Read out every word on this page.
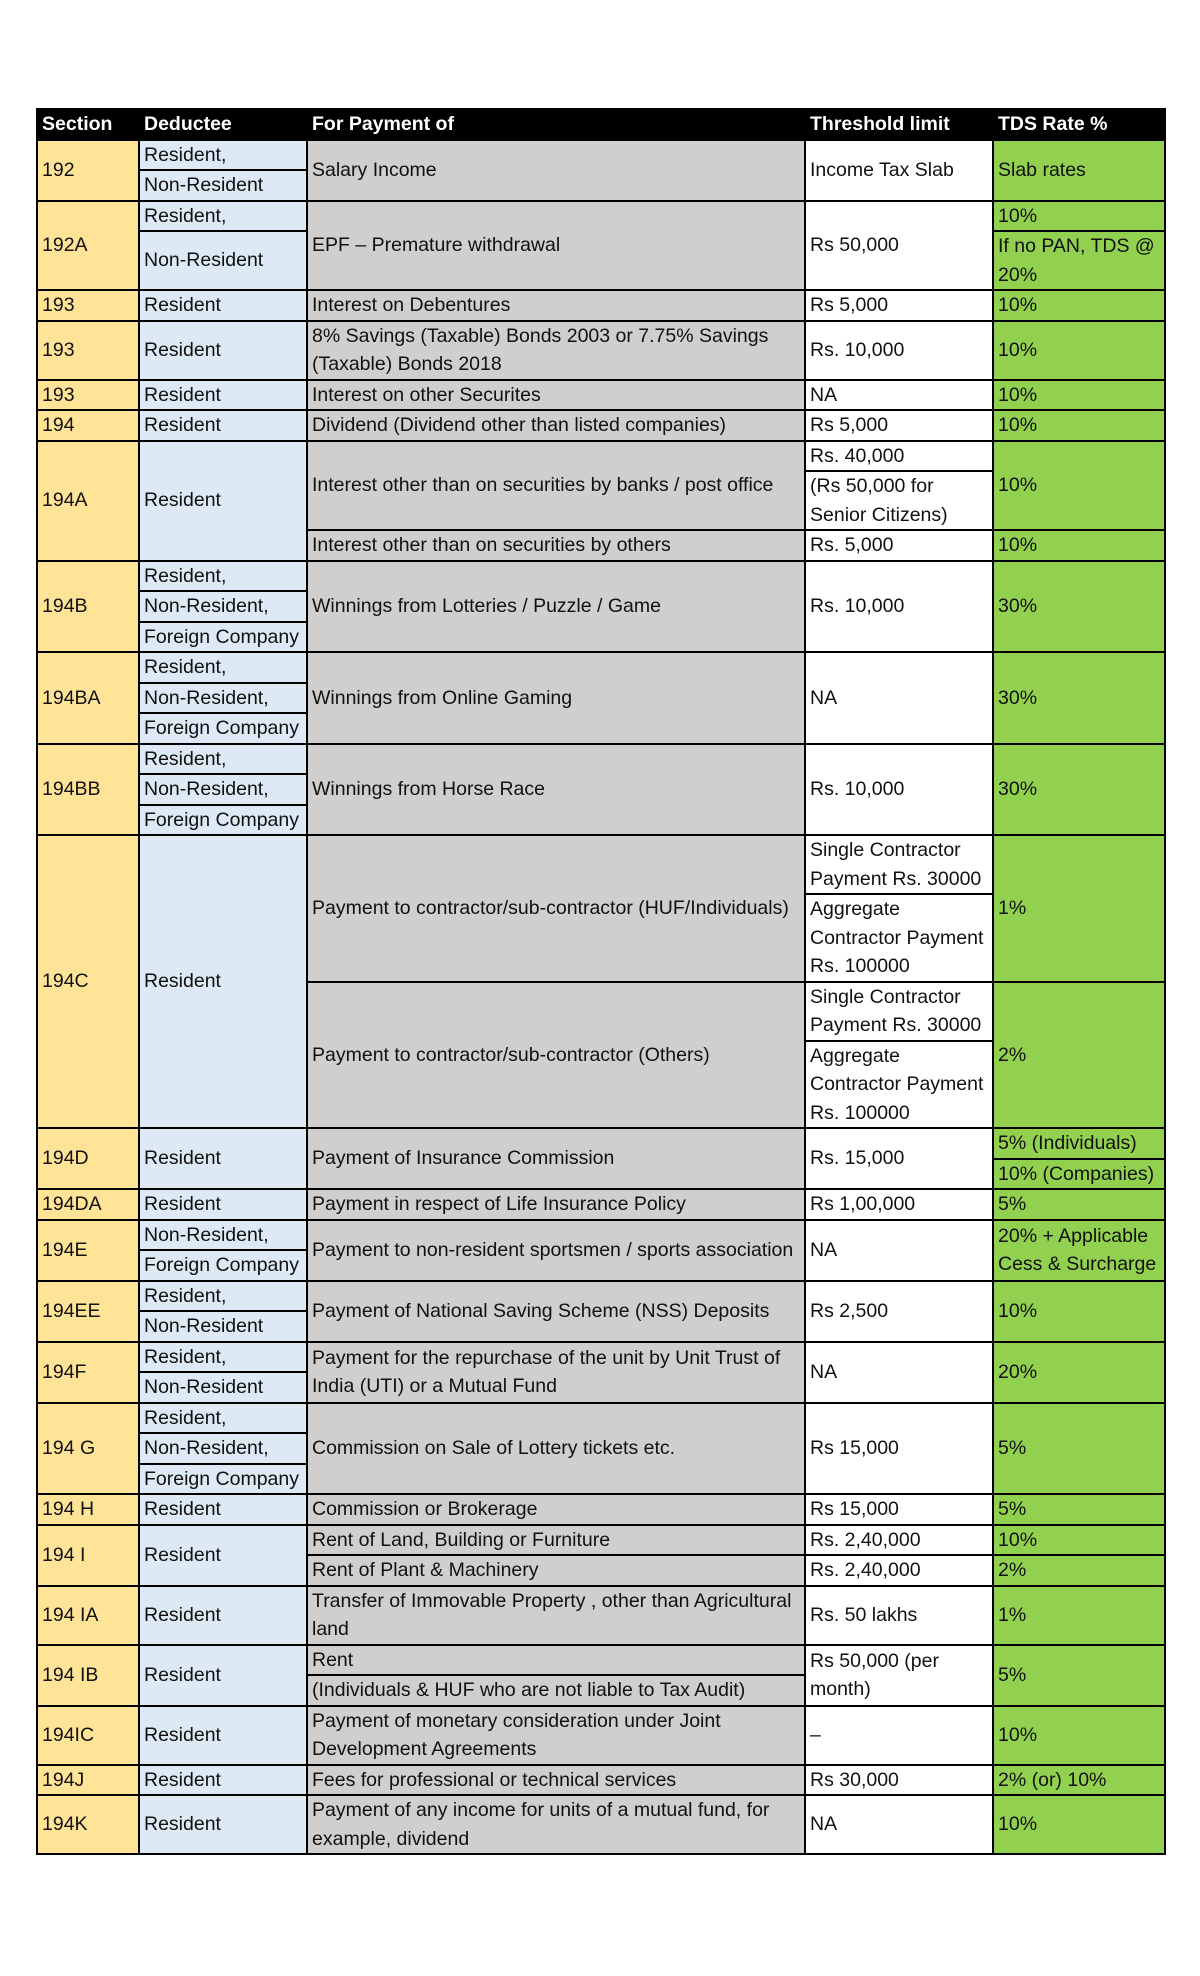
Section	Deductee	For Payment of	Threshold limit	TDS Rate %
192	Resident,	Salary Income	Income Tax Slab	Slab rates
	Non-Resident			
192A	Resident,	EPF – Premature withdrawal	Rs 50,000	10%
	Non-Resident			If no PAN, TDS @ 20%

193	Resident	Interest on Debentures	Rs 5,000	10%
193	Resident	8% Savings (Taxable) Bonds 2003 or 7.75% Savings (Taxable) Bonds 2018	Rs. 10,000	10%
193	Resident	Interest on other Securites	NA	10%
194	Resident	Dividend (Dividend other than listed companies)	Rs 5,000	10%
194A	Resident	Interest other than on securities by banks / post office	Rs. 40,000	10%
			(Rs 50,000 for Senior Citizens)	

		Interest other than on securities by others	Rs. 5,000	10%
194B	Resident,	Winnings from Lotteries / Puzzle / Game	Rs. 10,000	30%
	Non-Resident,			
	Foreign Company			
194BA	Resident,	Winnings from Online Gaming	NA	30%
	Non-Resident,			
	Foreign Company			
194BB	Resident,	Winnings from Horse Race	Rs. 10,000	30%
	Non-Resident,			
	Foreign Company			
194C	Resident	Payment to contractor/sub-contractor (HUF/Individuals)	Single Contractor Payment Rs. 30000	1%

			Aggregate Contractor Payment Rs. 100000	

		Payment to contractor/sub-contractor (Others)	Single Contractor Payment Rs. 30000	2%

			Aggregate Contractor Payment Rs. 100000	

194D	Resident	Payment of Insurance Commission	Rs. 15,000	5% (Individuals)
				10% (Companies)
194DA	Resident	Payment in respect of Life Insurance Policy	Rs 1,00,000	5%
194E	Non-Resident,	Payment to non-resident sportsmen / sports association	NA	20% + Applicable Cess & Surcharge
	Foreign Company			
194EE	Resident,	Payment of National Saving Scheme (NSS) Deposits	Rs 2,500	10%
	Non-Resident			
194F	Resident,	Payment for the repurchase of the unit by Unit Trust of India (UTI) or a Mutual Fund	NA	20%
	Non-Resident			
194 G	Resident,	Commission on Sale of Lottery tickets etc.	Rs 15,000	5%
	Non-Resident,			
	Foreign Company			
194 H	Resident	Commission or Brokerage	Rs 15,000	5%
194 I	Resident	Rent of Land, Building or Furniture	Rs. 2,40,000	10%
		Rent of Plant & Machinery	Rs. 2,40,000	2%
194 IA	Resident	Transfer of Immovable Property , other than Agricultural land	Rs. 50 lakhs	1%

194 IB	Resident	Rent	Rs 50,000 (per month)	5%
		(Individuals & HUF who are not liable to Tax Audit)		
194IC	Resident	Payment of monetary consideration under Joint Development Agreements	–	10%

194J	Resident	Fees for professional or technical services	Rs 30,000	2% (or) 10%
194K	Resident	Payment of any income for units of a mutual fund, for example, dividend	NA	10%
